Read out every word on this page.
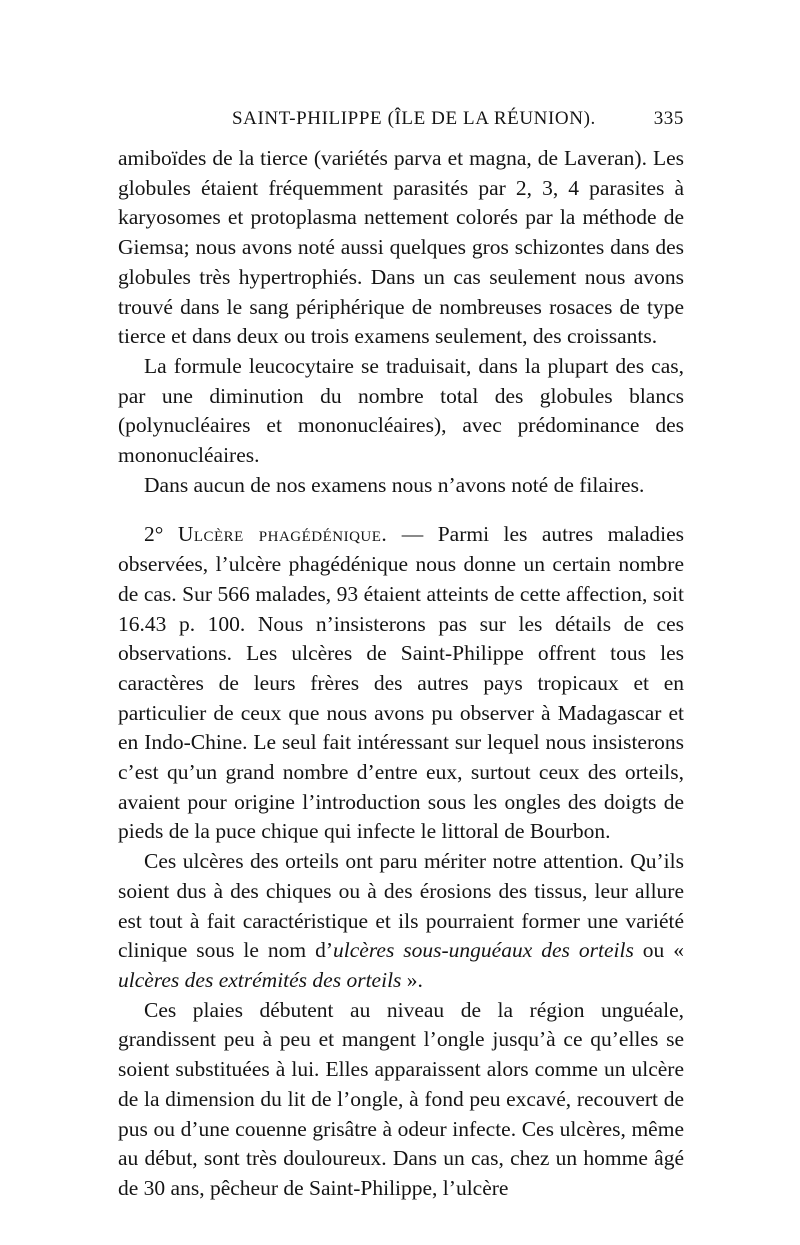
SAINT-PHILIPPE (ÎLE DE LA RÉUNION).	335

amiboïdes de la tierce (variétés parva et magna, de Laveran). Les globules étaient fréquemment parasités par 2, 3, 4 parasites à karyosomes et protoplasma nettement colorés par la méthode de Giemsa; nous avons noté aussi quelques gros schizontes dans des globules très hypertrophiés. Dans un cas seulement nous avons trouvé dans le sang périphérique de nombreuses rosaces de type tierce et dans deux ou trois examens seulement, des croissants.

La formule leucocytaire se traduisait, dans la plupart des cas, par une diminution du nombre total des globules blancs (polynucléaires et mononucléaires), avec prédominance des mononucléaires.

Dans aucun de nos examens nous n’avons noté de filaires.

2° Ulcère phagédénique. — Parmi les autres maladies observées, l’ulcère phagédénique nous donne un certain nombre de cas. Sur 566 malades, 93 étaient atteints de cette affection, soit 16.43 p. 100. Nous n’insisterons pas sur les détails de ces observations. Les ulcères de Saint-Philippe offrent tous les caractères de leurs frères des autres pays tropicaux et en particulier de ceux que nous avons pu observer à Madagascar et en Indo-Chine. Le seul fait intéressant sur lequel nous insisterons c’est qu’un grand nombre d’entre eux, surtout ceux des orteils, avaient pour origine l’introduction sous les ongles des doigts de pieds de la puce chique qui infecte le littoral de Bourbon.

Ces ulcères des orteils ont paru mériter notre attention. Qu’ils soient dus à des chiques ou à des érosions des tissus, leur allure est tout à fait caractéristique et ils pourraient former une variété clinique sous le nom d’ulcères sous-unguéaux des orteils ou « ulcères des extrémités des orteils ».

Ces plaies débutent au niveau de la région unguéale, grandissent peu à peu et mangent l’ongle jusqu’à ce qu’elles se soient substituées à lui. Elles apparaissent alors comme un ulcère de la dimension du lit de l’ongle, à fond peu excavé, recouvert de pus ou d’une couenne grisâtre à odeur infecte. Ces ulcères, même au début, sont très douloureux. Dans un cas, chez un homme âgé de 30 ans, pêcheur de Saint-Philippe, l’ulcère
